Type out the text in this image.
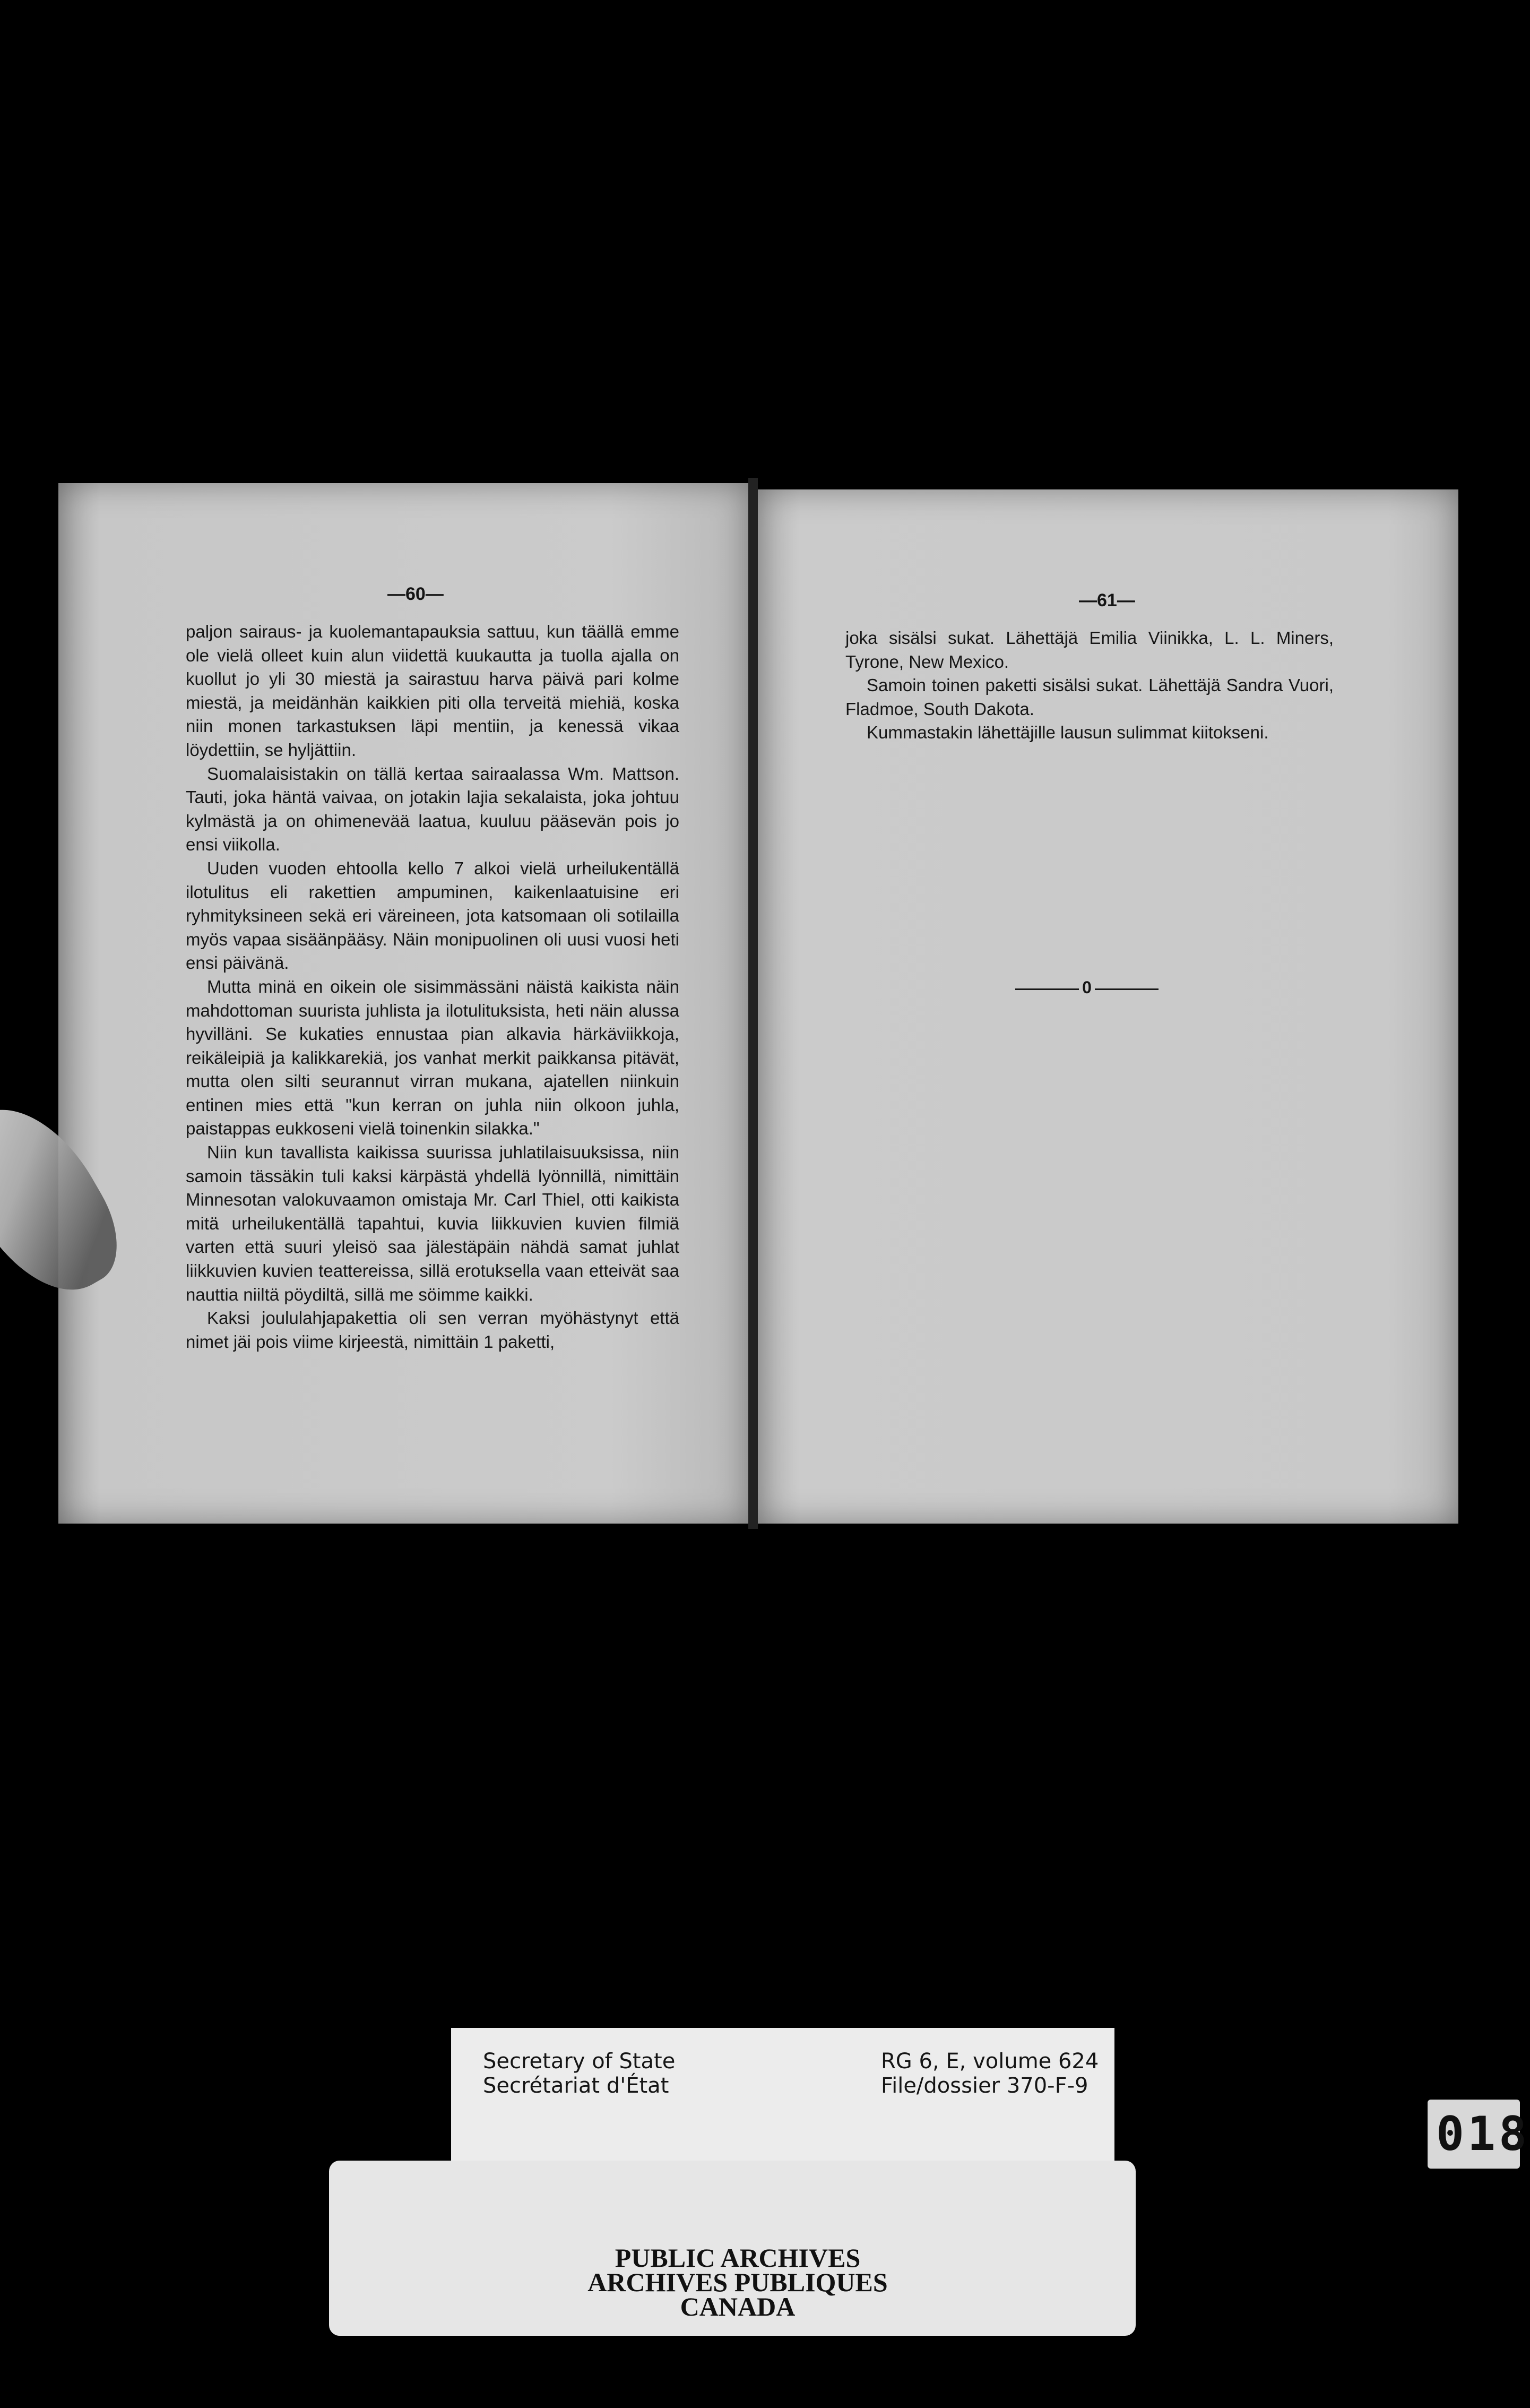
—60—

paljon sairaus- ja kuolemantapauksia sattuu, kun täällä emme ole vielä olleet kuin alun viidettä kuukautta ja tuolla ajalla on kuollut jo yli 30 miestä ja sairastuu harva päivä pari kolme miestä, ja meidänhän kaikkien piti olla terveitä miehiä, koska niin monen tarkastuksen läpi mentiin, ja kenessä vikaa löydettiin, se hyljättiin.

Suomalaisistakin on tällä kertaa sairaalassa Wm. Mattson. Tauti, joka häntä vaivaa, on jotakin lajia sekalaista, joka johtuu kylmästä ja on ohimenevää laatua, kuuluu pääsevän pois jo ensi viikolla.

Uuden vuoden ehtoolla kello 7 alkoi vielä urheilukentällä ilotulitus eli rakettien ampuminen, kaikenlaatuisine eri ryhmityksineen sekä eri väreineen, jota katsomaan oli sotilailla myös vapaa sisäänpääsy. Näin monipuolinen oli uusi vuosi heti ensi päivänä.

Mutta minä en oikein ole sisimmässäni näistä kaikista näin mahdottoman suurista juhlista ja ilotulituksista, heti näin alussa hyvilläni. Se kukaties ennustaa pian alkavia härkäviikkoja, reikäleipiä ja kalikkarekiä, jos vanhat merkit paikkansa pitävät, mutta olen silti seurannut virran mukana, ajatellen niinkuin entinen mies että "kun kerran on juhla niin olkoon juhla, paistappas eukkoseni vielä toinenkin silakka."

Niin kun tavallista kaikissa suurissa juhlatilaisuuksissa, niin samoin tässäkin tuli kaksi kärpästä yhdellä lyönnillä, nimittäin Minnesotan valokuvaamon omistaja Mr. Carl Thiel, otti kaikista mitä urheilukentällä tapahtui, kuvia liikkuvien kuvien filmiä varten että suuri yleisö saa jälestäpäin nähdä samat juhlat liikkuvien kuvien teattereissa, sillä erotuksella vaan etteivät saa nauttia niiltä pöydiltä, sillä me söimme kaikki.

Kaksi joululahjapakettia oli sen verran myöhästynyt että nimet jäi pois viime kirjeestä, nimittäin 1 paketti,

—61—

joka sisälsi sukat. Lähettäjä Emilia Viinikka, L. L. Miners, Tyrone, New Mexico.

Samoin toinen paketti sisälsi sukat. Lähettäjä Sandra Vuori, Fladmoe, South Dakota.

Kummastakin lähettäjille lausun sulimmat kiitokseni.

0
Secretary of State
Secrétariat d'État
RG 6, E, volume 624
File/dossier 370-F-9
PUBLIC ARCHIVES
ARCHIVES PUBLIQUES
CANADA
018
